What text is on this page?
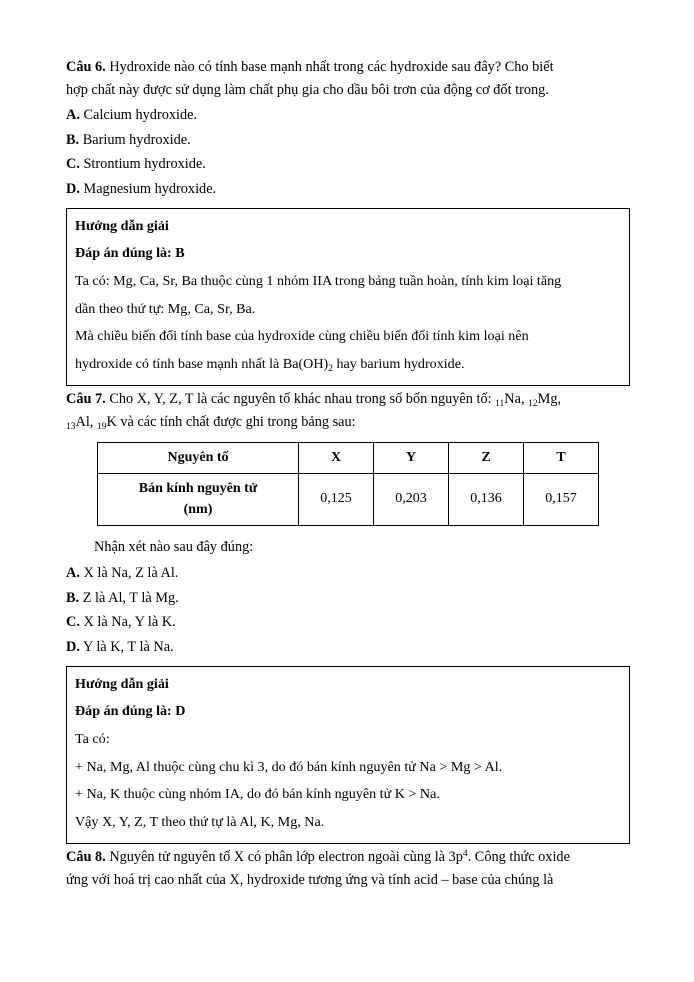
Câu 6. Hydroxide nào có tính base mạnh nhất trong các hydroxide sau đây? Cho biết

hợp chất này được sử dụng làm chất phụ gia cho dầu bôi trơn của động cơ đốt trong.

A. Calcium hydroxide.

B. Barium hydroxide.

C. Strontium hydroxide.

D. Magnesium hydroxide.

Hướng dẫn giải

Đáp án đúng là: B

Ta có: Mg, Ca, Sr, Ba thuộc cùng 1 nhóm IIA trong bảng tuần hoàn, tính kim loại tăng

dần theo thứ tự: Mg, Ca, Sr, Ba.

Mà chiều biến đổi tính base của hydroxide cùng chiều biến đổi tính kim loại nên

hydroxide có tính base mạnh nhất là $Ba(OH)_2$ hay barium hydroxide.

Câu 7. Cho X, Y, Z, T là các nguyên tố khác nhau trong số bốn nguyên tố: $_{11}$Na, $_{12}$Mg,

$_{13}$Al, $_{19}$K và các tính chất được ghi trong bảng sau:

Nguyên tố	X	Y	Z	T
Bán kính nguyên tử
(nm)	0,125	0,203	0,136	0,157

Nhận xét nào sau đây đúng:

A. X là Na, Z là Al.

B. Z là Al, T là Mg.

C. X là Na, Y là K.

D. Y là K, T là Na.

Hướng dẫn giải

Đáp án đúng là: D

Ta có:

+ Na, Mg, Al thuộc cùng chu kì 3, do đó bán kính nguyên tử Na > Mg > Al.

+ Na, K thuộc cùng nhóm IA, do đó bán kính nguyên tử K > Na.

Vậy X, Y, Z, T theo thứ tự là Al, K, Mg, Na.

Câu 8. Nguyên tử nguyên tố X có phân lớp electron ngoài cùng là $3p^4$. Công thức oxide

ứng với hoá trị cao nhất của X, hydroxide tương ứng và tính acid – base của chúng là
